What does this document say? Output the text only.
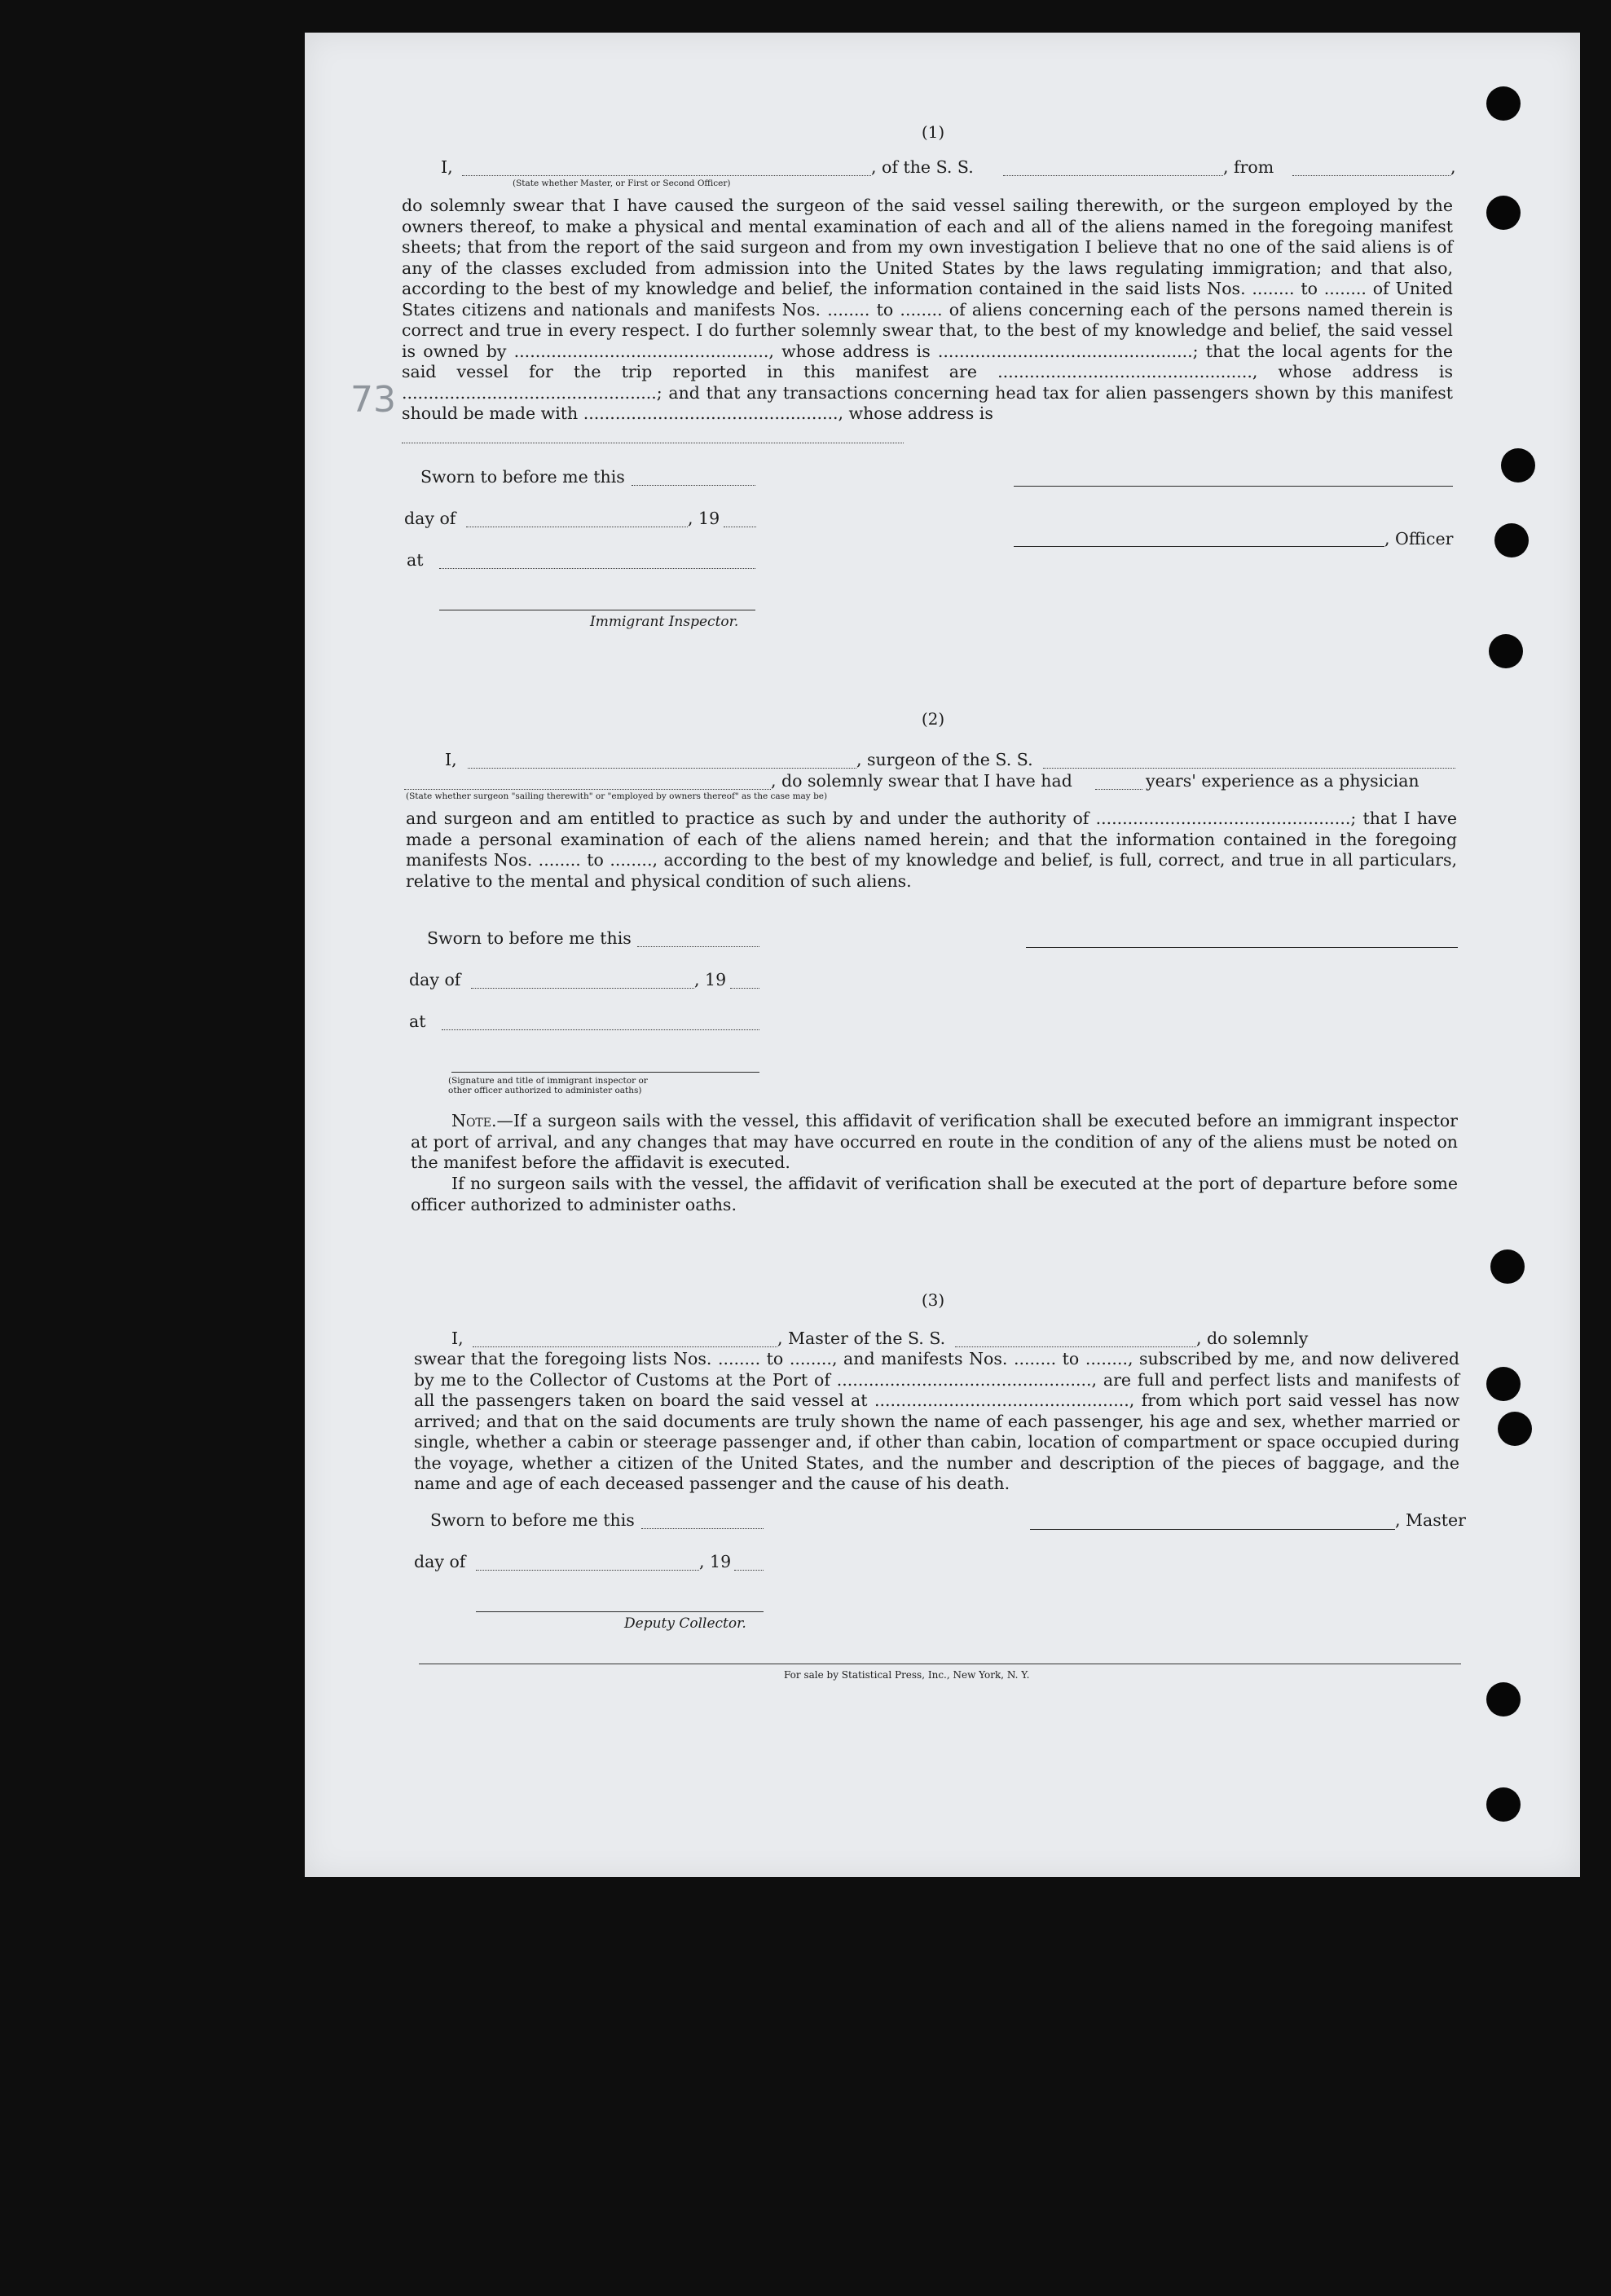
(1)
I,	, of the S. S.	, from	,
(State whether Master, or First or Second Officer)
do solemnly swear that I have caused the surgeon of the said vessel sailing therewith, or the surgeon employed by the owners thereof, to make a physical and mental examination of each and all of the aliens named in the foregoing manifest sheets; that from the report of the said surgeon and from my own investigation I believe that no one of the said aliens is of any of the classes excluded from admission into the United States by the laws regulating immigration; and that also, according to the best of my knowledge and belief, the information contained in the said lists Nos. ........ to ........ of United States citizens and nationals and manifests Nos. ........ to ........ of aliens concerning each of the persons named therein is correct and true in every respect. I do further solemnly swear that, to the best of my knowledge and belief, the said vessel is owned by ................................................, whose address is ................................................; that the local agents for the said vessel for the trip reported in this manifest are ................................................, whose address is ................................................; and that any transactions concerning head tax for alien passengers shown by this manifest should be made with ................................................, whose address is
Sworn to before me this
day of	, 19
, Officer
at
Immigrant Inspector.
(2)
I,	, surgeon of the S. S.
, do solemnly swear that I have had	years' experience as a physician
(State whether surgeon "sailing therewith" or "employed by owners thereof" as the case may be)
and surgeon and am entitled to practice as such by and under the authority of ................................................; that I have made a personal examination of each of the aliens named herein; and that the information contained in the foregoing manifests Nos. ........ to ........, according to the best of my knowledge and belief, is full, correct, and true in all particulars, relative to the mental and physical condition of such aliens.
Sworn to before me this
day of	, 19
at
(Signature and title of immigrant inspector or
other officer authorized to administer oaths)
Note.—If a surgeon sails with the vessel, this affidavit of verification shall be executed before an immigrant inspector at port of arrival, and any changes that may have occurred en route in the condition of any of the aliens must be noted on the manifest before the affidavit is executed.
If no surgeon sails with the vessel, the affidavit of verification shall be executed at the port of departure before some officer authorized to administer oaths.
(3)
I,	, Master of the S. S.	, do solemnly
swear that the foregoing lists Nos. ........ to ........, and manifests Nos. ........ to ........, subscribed by me, and now delivered by me to the Collector of Customs at the Port of ................................................, are full and perfect lists and manifests of all the passengers taken on board the said vessel at ................................................, from which port said vessel has now arrived; and that on the said documents are truly shown the name of each passenger, his age and sex, whether married or single, whether a cabin or steerage passenger and, if other than cabin, location of compartment or space occupied during the voyage, whether a citizen of the United States, and the number and description of the pieces of baggage, and the name and age of each deceased passenger and the cause of his death.
Sworn to before me this	, Master
day of	, 19
Deputy Collector.
For sale by Statistical Press, Inc., New York, N. Y.
73
